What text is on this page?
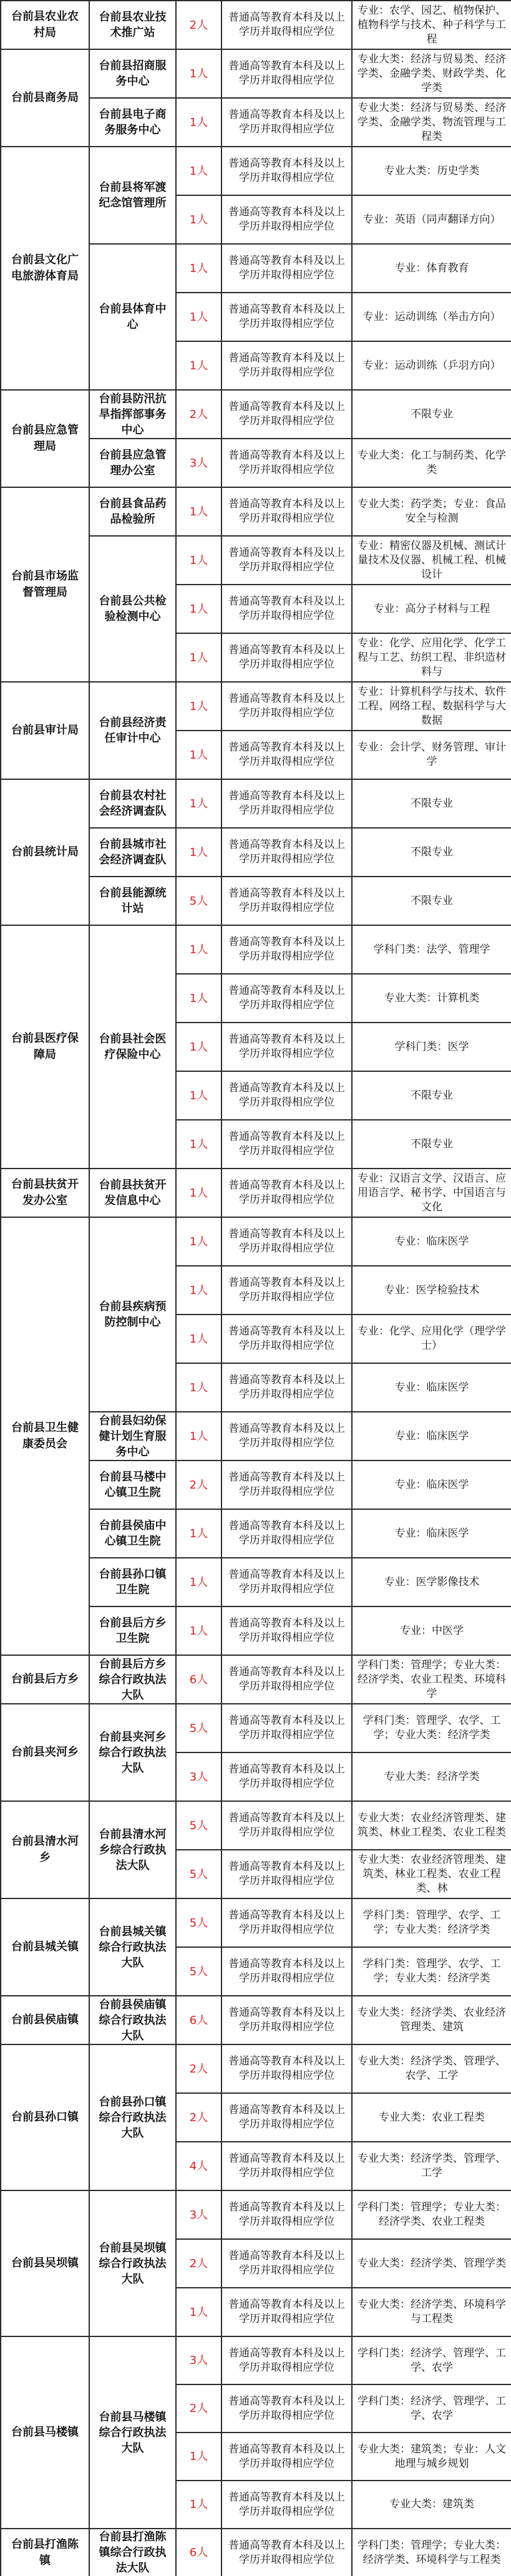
台前县农业农村局	台前县农业技术推广站	2人	普通高等教育本科及以上学历并取得相应学位	专业：农学、园艺、植物保护、植物科学与技术、种子科学与工程
台前县商务局	台前县招商服务中心	1人	普通高等教育本科及以上学历并取得相应学位	专业大类：经济与贸易类、经济学类、金融学类、财政学类、化学类
	台前县电子商务服务中心	1人	普通高等教育本科及以上学历并取得相应学位	专业大类：经济与贸易类、经济学类、金融学类、物流管理与工程类
台前县文化广电旅游体育局	台前县将军渡纪念馆管理所	1人	普通高等教育本科及以上学历并取得相应学位	专业大类：历史学类
		1人	普通高等教育本科及以上学历并取得相应学位	专业：英语（同声翻译方向）
	台前县体育中心	1人	普通高等教育本科及以上学历并取得相应学位	专业：体育教育
		1人	普通高等教育本科及以上学历并取得相应学位	专业：运动训练（举击方向）
		1人	普通高等教育本科及以上学历并取得相应学位	专业：运动训练（乒羽方向）
台前县应急管理局	台前县防汛抗旱指挥部事务中心	2人	普通高等教育本科及以上学历并取得相应学位	不限专业
	台前县应急管理办公室	3人	普通高等教育本科及以上学历并取得相应学位	专业大类：化工与制药类、化学类
台前县市场监督管理局	台前县食品药品检验所	1人	普通高等教育本科及以上学历并取得相应学位	专业大类：药学类；专业：食品安全与检测
	台前县公共检验检测中心	1人	普通高等教育本科及以上学历并取得相应学位	专业：精密仪器及机械、测试计量技术及仪器、机械工程、机械设计
		1人	普通高等教育本科及以上学历并取得相应学位	专业：高分子材料与工程
		1人	普通高等教育本科及以上学历并取得相应学位	专业：化学、应用化学、化学工程与工艺、纺织工程、非织造材料与
台前县审计局	台前县经济责任审计中心	1人	普通高等教育本科及以上学历并取得相应学位	专业：计算机科学与技术、软件工程、网络工程、数据科学与大数据
		1人	普通高等教育本科及以上学历并取得相应学位	专业：会计学、财务管理、审计学
台前县统计局	台前县农村社会经济调查队	1人	普通高等教育本科及以上学历并取得相应学位	不限专业
	台前县城市社会经济调查队	1人	普通高等教育本科及以上学历并取得相应学位	不限专业
	台前县能源统计站	5人	普通高等教育本科及以上学历并取得相应学位	不限专业
台前县医疗保障局	台前县社会医疗保险中心	1人	普通高等教育本科及以上学历并取得相应学位	学科门类：法学、管理学
		1人	普通高等教育本科及以上学历并取得相应学位	专业大类：计算机类
		1人	普通高等教育本科及以上学历并取得相应学位	学科门类：医学
		1人	普通高等教育本科及以上学历并取得相应学位	不限专业
		1人	普通高等教育本科及以上学历并取得相应学位	不限专业
台前县扶贫开发办公室	台前县扶贫开发信息中心	1人	普通高等教育本科及以上学历并取得相应学位	专业：汉语言文学、汉语言、应用语言学、秘书学、中国语言与文化
台前县卫生健康委员会	台前县疾病预防控制中心	1人	普通高等教育本科及以上学历并取得相应学位	专业：临床医学
		1人	普通高等教育本科及以上学历并取得相应学位	专业：医学检验技术
		1人	普通高等教育本科及以上学历并取得相应学位	专业：化学、应用化学（理学学士）
		1人	普通高等教育本科及以上学历并取得相应学位	专业：临床医学
	台前县妇幼保健计划生育服务中心	1人	普通高等教育本科及以上学历并取得相应学位	专业：临床医学
	台前县马楼中心镇卫生院	2人	普通高等教育本科及以上学历并取得相应学位	专业：临床医学
	台前县侯庙中心镇卫生院	1人	普通高等教育本科及以上学历并取得相应学位	专业：临床医学
	台前县孙口镇卫生院	1人	普通高等教育本科及以上学历并取得相应学位	专业：医学影像技术
	台前县后方乡卫生院	1人	普通高等教育本科及以上学历并取得相应学位	专业：中医学
台前县后方乡	台前县后方乡综合行政执法大队	6人	普通高等教育本科及以上学历并取得相应学位	学科门类：管理学；专业大类：经济学类、农业工程类、环境科学
台前县夹河乡	台前县夹河乡综合行政执法大队	5人	普通高等教育本科及以上学历并取得相应学位	学科门类：管理学、农学、工学；专业大类：经济学类
		3人	普通高等教育本科及以上学历并取得相应学位	专业大类：经济学类
台前县清水河乡	台前县清水河乡综合行政执法大队	5人	普通高等教育本科及以上学历并取得相应学位	专业大类：农业经济管理类、建筑类、林业工程类、农业工程类
		5人	普通高等教育本科及以上学历并取得相应学位	专业大类：农业经济管理类、建筑类、林业工程类、农业工程类、林
台前县城关镇	台前县城关镇综合行政执法大队	5人	普通高等教育本科及以上学历并取得相应学位	学科门类：管理学、农学、工学；专业大类：经济学类
		5人	普通高等教育本科及以上学历并取得相应学位	学科门类：管理学、农学、工学；专业大类：经济学类
台前县侯庙镇	台前县侯庙镇综合行政执法大队	6人	普通高等教育本科及以上学历并取得相应学位	专业大类：经济学类、农业经济管理类、建筑
台前县孙口镇	台前县孙口镇综合行政执法大队	2人	普通高等教育本科及以上学历并取得相应学位	专业大类：经济学类、管理学、农学、工学
		2人	普通高等教育本科及以上学历并取得相应学位	专业大类：农业工程类
		4人	普通高等教育本科及以上学历并取得相应学位	专业大类：经济学类、管理学、工学
台前县吴坝镇	台前县吴坝镇综合行政执法大队	3人	普通高等教育本科及以上学历并取得相应学位	学科门类：管理学；专业大类：经济学类、农业工程类
		2人	普通高等教育本科及以上学历并取得相应学位	专业大类：经济学类、管理学类
		1人	普通高等教育本科及以上学历并取得相应学位	专业大类：经济学类、环境科学与工程类
台前县马楼镇	台前县马楼镇综合行政执法大队	3人	普通高等教育本科及以上学历并取得相应学位	学科门类：经济学、管理学、工学、农学
		2人	普通高等教育本科及以上学历并取得相应学位	学科门类：经济学、管理学、工学、农学
		1人	普通高等教育本科及以上学历并取得相应学位	专业大类：建筑类；专业：人文地理与城乡规划
		1人	普通高等教育本科及以上学历并取得相应学位	专业大类：建筑类
台前县打渔陈镇	台前县打渔陈镇综合行政执法大队	6人	普通高等教育本科及以上学历并取得相应学位	学科门类：管理学；专业大类：经济学类、环境科学与工程类
